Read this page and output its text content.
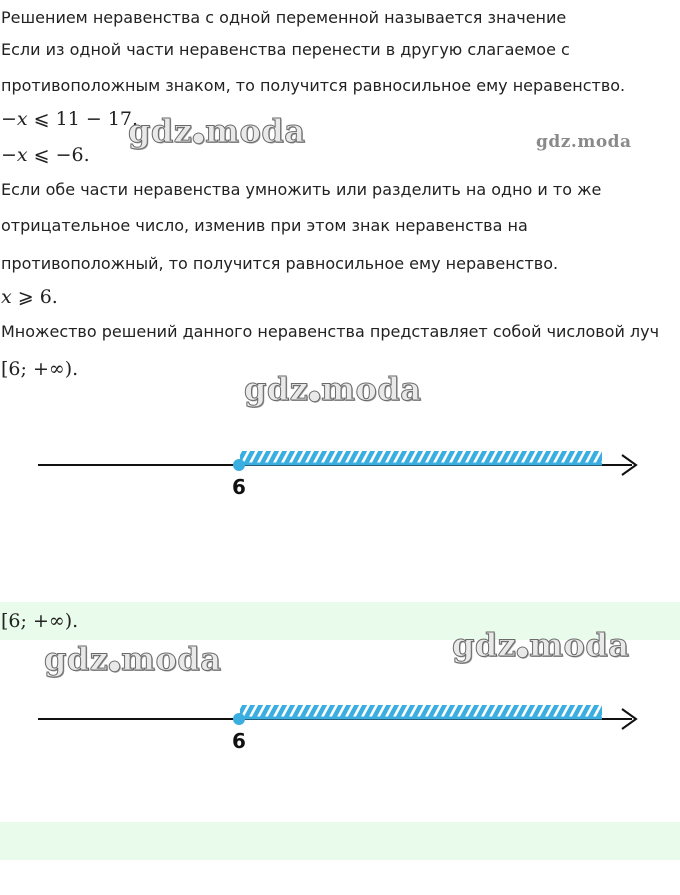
Решением неравенства с одной переменной называется значение

Если из одной части неравенства перенести в другую слагаемое с

противоположным знаком, то получится равносильное ему неравенство.

−x ⩽ 11 − 17.

−x ⩽ −6.

Если обе части неравенства умножить или разделить на одно и то же

отрицательное число, изменив при этом знак неравенства на

противоположный, то получится равносильное ему неравенство.

x ⩾ 6.

Множество решений данного неравенства представляет собой числовой луч

[6; +∞).

gdz●moda	gdz.moda
gdz●moda
6

[6; +∞).

gdz●moda
gdz●moda
6
